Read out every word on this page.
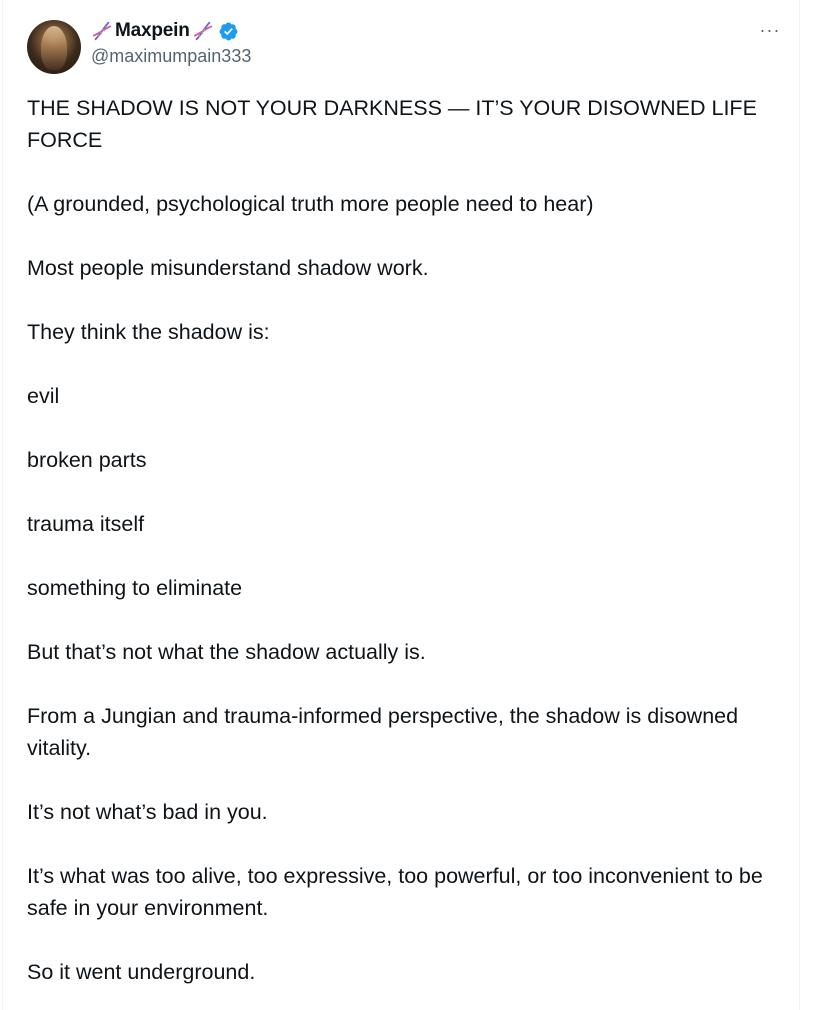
Maxpein
@maximumpain333
···

THE SHADOW IS NOT YOUR DARKNESS — IT’S YOUR DISOWNED LIFE FORCE

(A grounded, psychological truth more people need to hear)

Most people misunderstand shadow work.

They think the shadow is:

evil

broken parts

trauma itself

something to eliminate

But that’s not what the shadow actually is.

From a Jungian and trauma-informed perspective, the shadow is disowned vitality.

It’s not what’s bad in you.

It’s what was too alive, too expressive, too powerful, or too inconvenient to be safe in your environment.

So it went underground.
